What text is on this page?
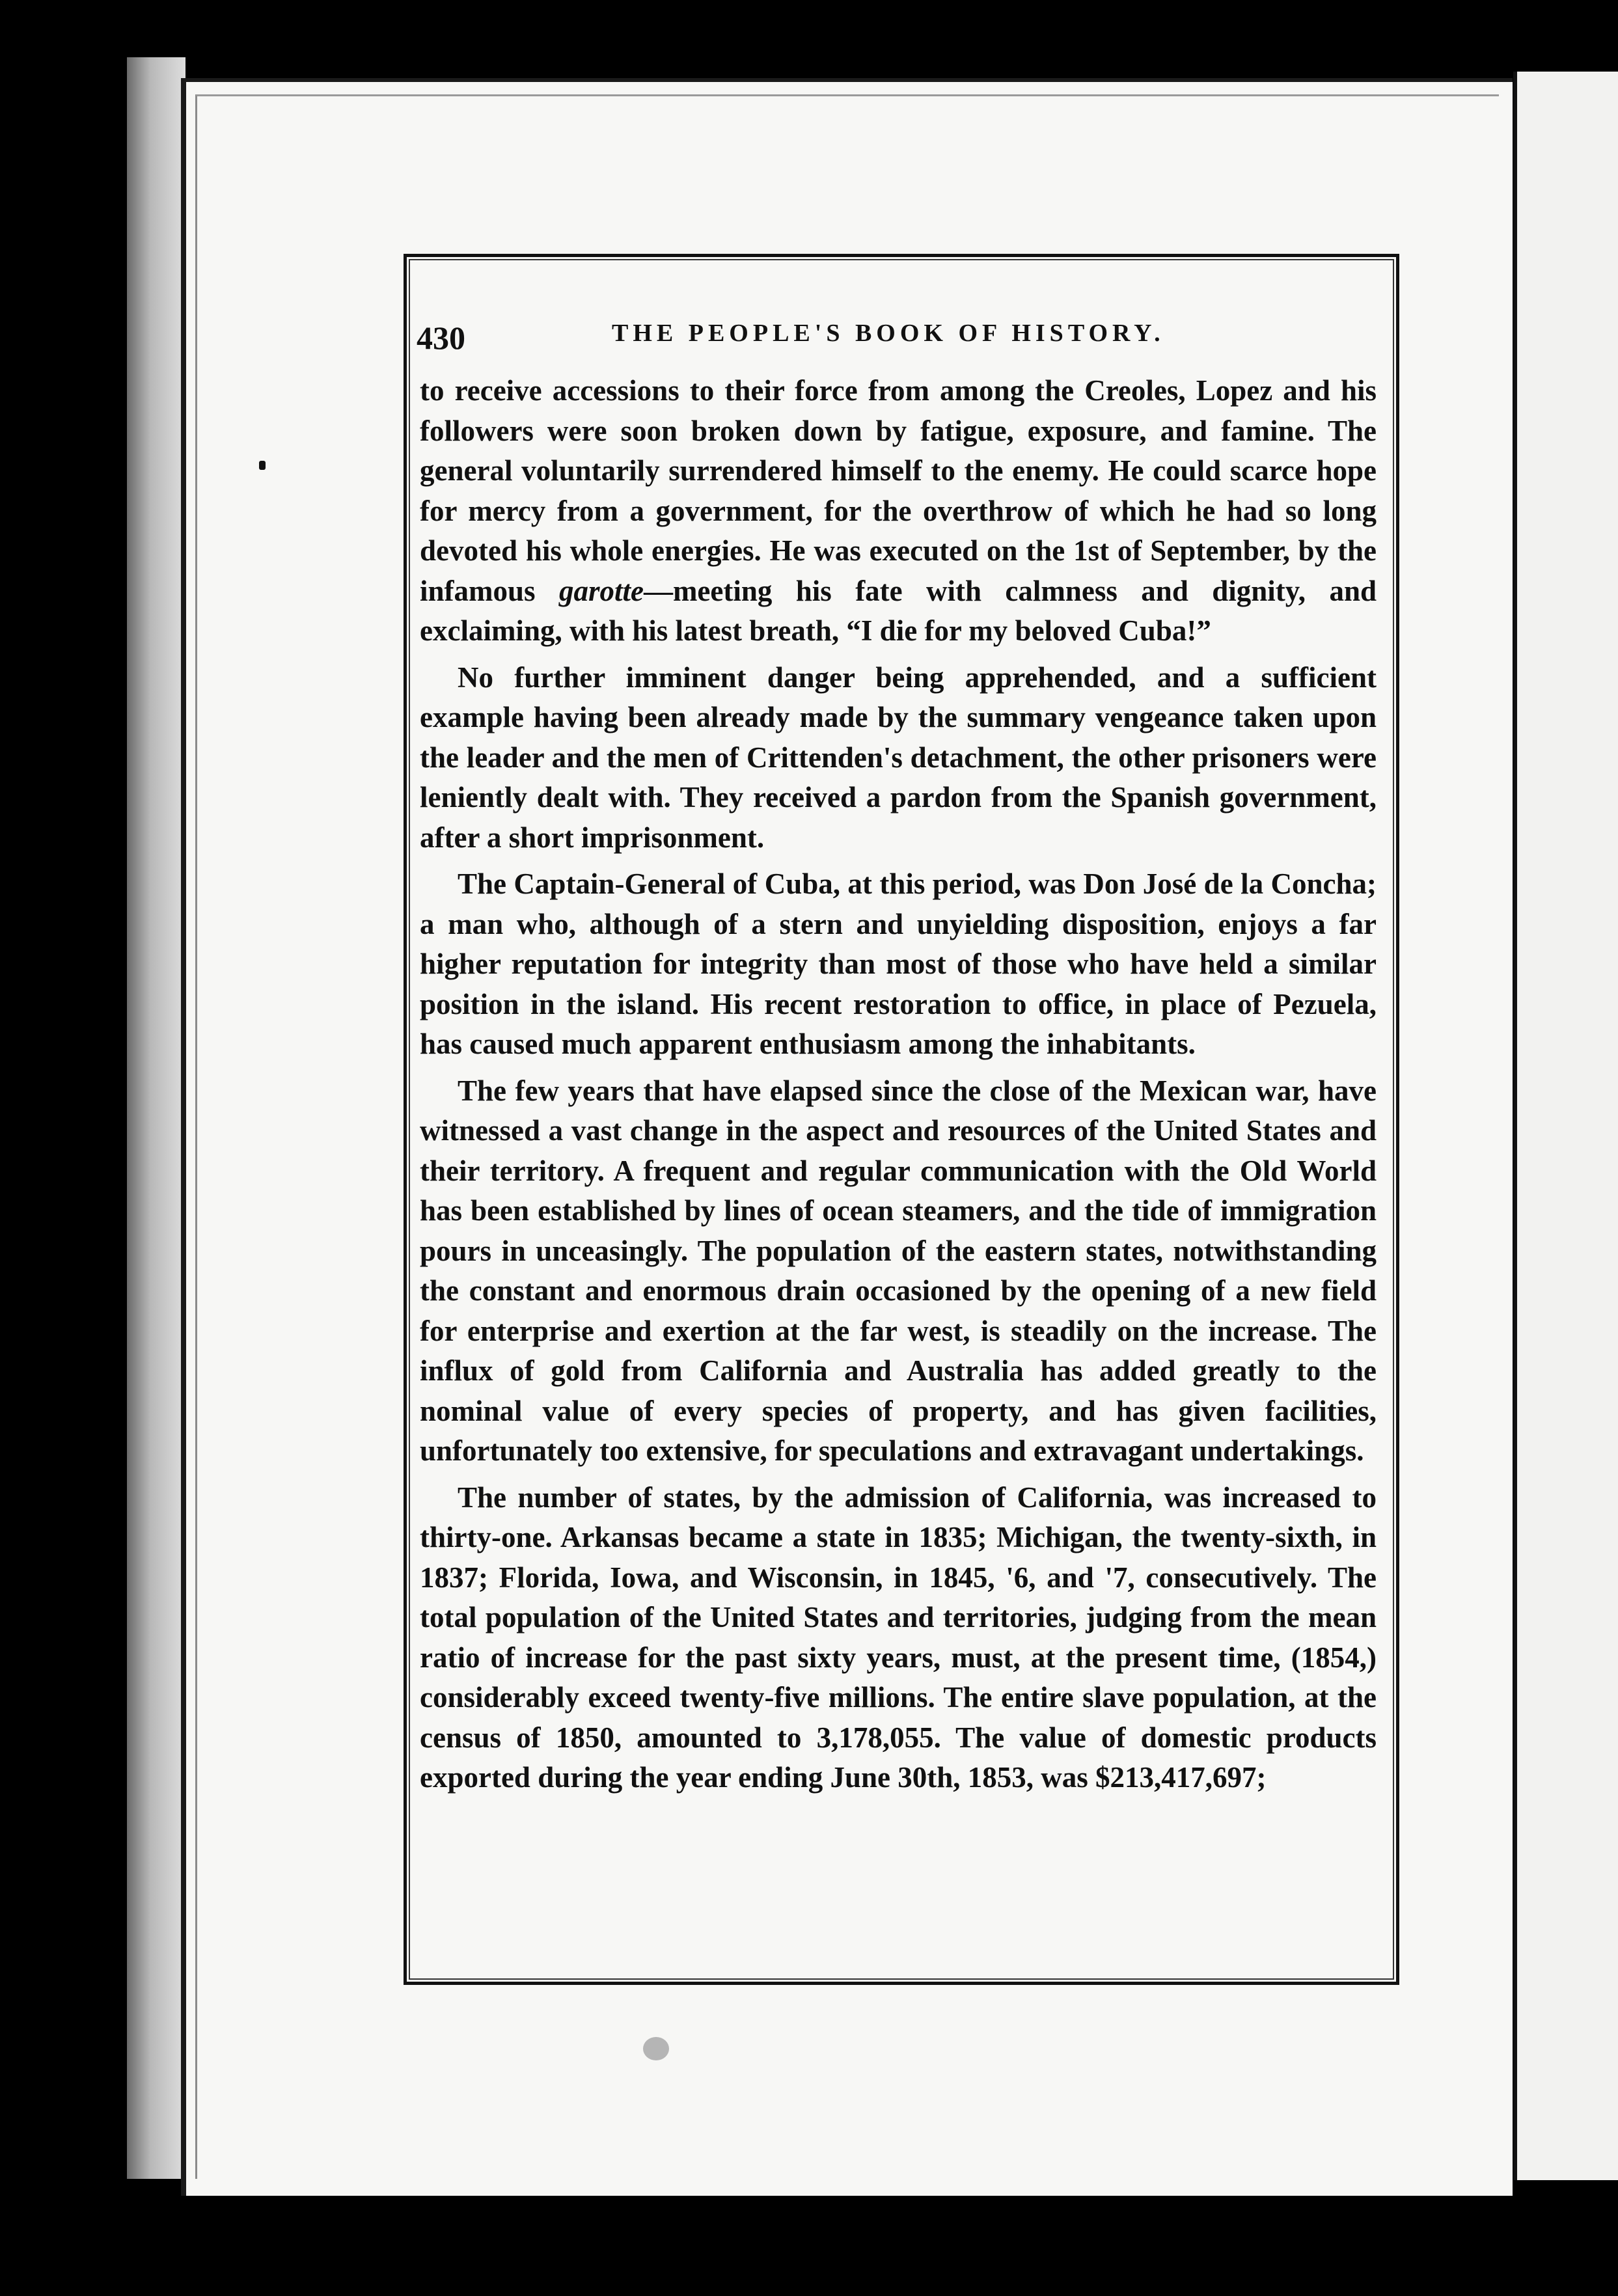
430	THE PEOPLE'S BOOK OF HISTORY.

to receive accessions to their force from among the Creoles, Lopez and his followers were soon broken down by fatigue, exposure, and famine. The general voluntarily surrendered himself to the enemy. He could scarce hope for mercy from a government, for the overthrow of which he had so long devoted his whole energies. He was executed on the 1st of September, by the infamous garotte—meeting his fate with calmness and dignity, and exclaiming, with his latest breath, “I die for my beloved Cuba!”

No further imminent danger being apprehended, and a sufficient example having been already made by the summary vengeance taken upon the leader and the men of Crittenden's detachment, the other prisoners were leniently dealt with. They received a pardon from the Spanish government, after a short imprisonment.

The Captain-General of Cuba, at this period, was Don José de la Concha; a man who, although of a stern and unyielding disposition, enjoys a far higher reputation for integrity than most of those who have held a similar position in the island. His recent restoration to office, in place of Pezuela, has caused much apparent enthusiasm among the inhabitants.

The few years that have elapsed since the close of the Mexican war, have witnessed a vast change in the aspect and resources of the United States and their territory. A frequent and regular communication with the Old World has been established by lines of ocean steamers, and the tide of immigration pours in unceasingly. The population of the eastern states, notwithstanding the constant and enormous drain occasioned by the opening of a new field for enterprise and exertion at the far west, is steadily on the increase. The influx of gold from California and Australia has added greatly to the nominal value of every species of property, and has given facilities, unfortunately too extensive, for speculations and extravagant undertakings.

The number of states, by the admission of California, was increased to thirty-one. Arkansas became a state in 1835; Michigan, the twenty-sixth, in 1837; Florida, Iowa, and Wisconsin, in 1845, '6, and '7, consecutively. The total population of the United States and territories, judging from the mean ratio of increase for the past sixty years, must, at the present time, (1854,) considerably exceed twenty-five millions. The entire slave population, at the census of 1850, amounted to 3,178,055. The value of domestic products exported during the year ending June 30th, 1853, was $213,417,697;
